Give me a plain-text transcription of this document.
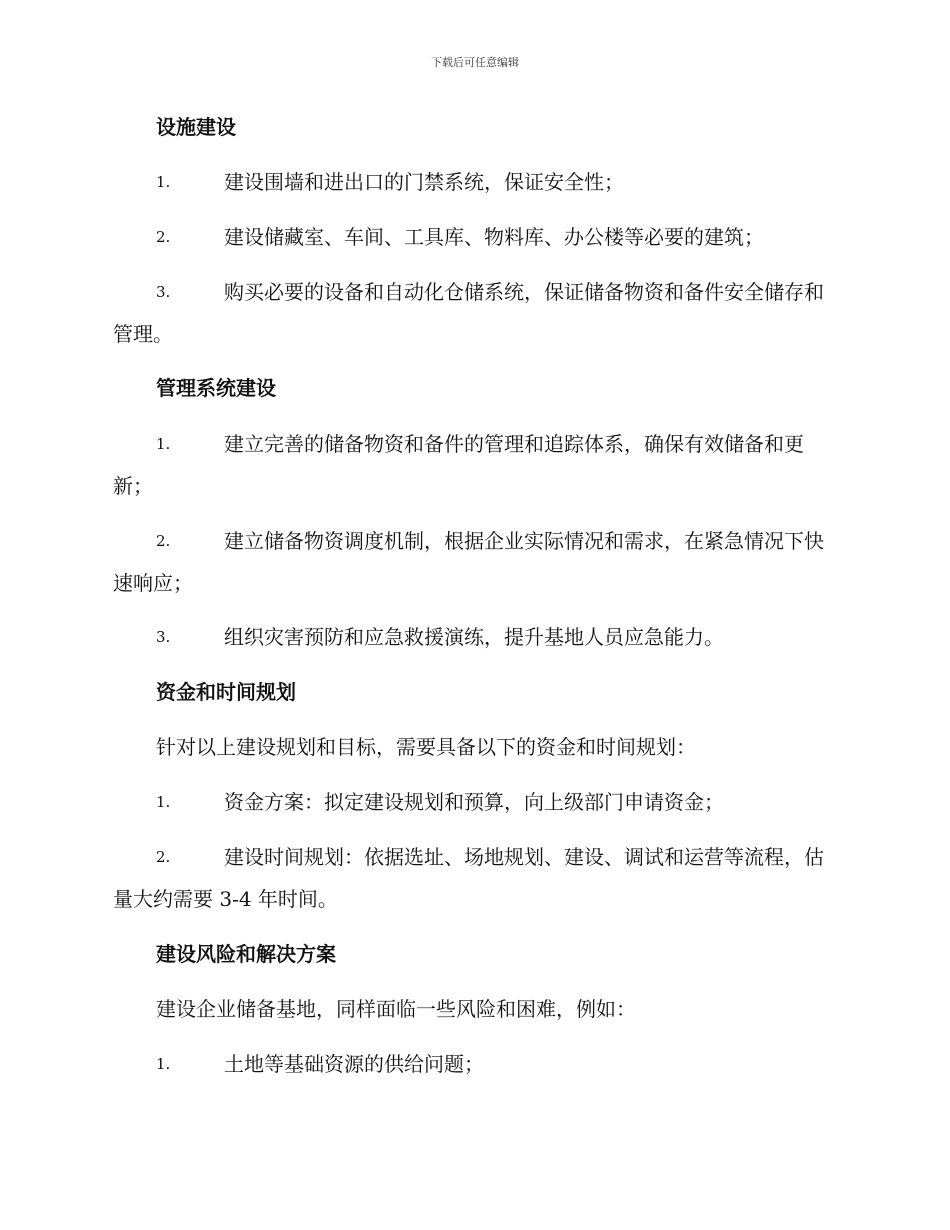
下载后可任意编辑
设施建设
1.	建设围墙和进出口的门禁系统，保证安全性；
2.	建设储藏室、车间、工具库、物料库、办公楼等必要的建筑；
3.	购买必要的设备和自动化仓储系统，保证储备物资和备件安全储存和管理。
管理系统建设
1.	建立完善的储备物资和备件的管理和追踪体系，确保有效储备和更新；
2.	建立储备物资调度机制，根据企业实际情况和需求，在紧急情况下快速响应；
3.	组织灾害预防和应急救援演练，提升基地人员应急能力。
资金和时间规划
针对以上建设规划和目标，需要具备以下的资金和时间规划：
1.	资金方案：拟定建设规划和预算，向上级部门申请资金；
2.	建设时间规划：依据选址、场地规划、建设、调试和运营等流程，估量大约需要 3-4 年时间。
建设风险和解决方案
建设企业储备基地，同样面临一些风险和困难，例如：
1.	土地等基础资源的供给问题；
